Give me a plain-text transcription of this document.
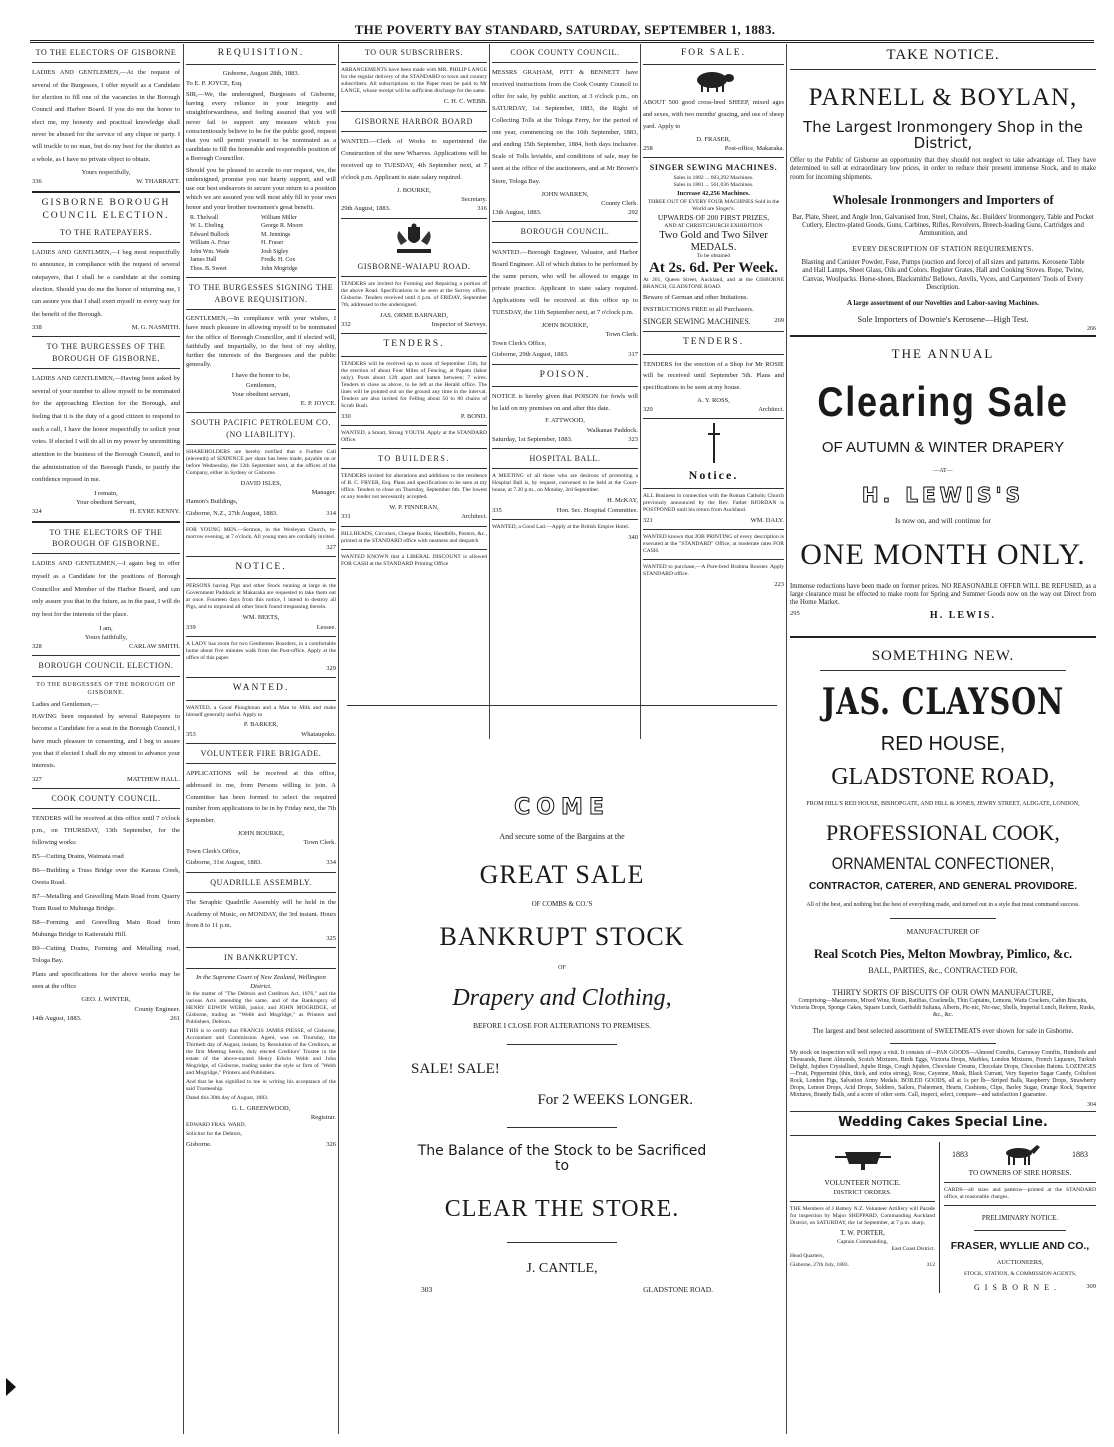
THE POVERTY BAY STANDARD, SATURDAY, SEPTEMBER 1, 1883.
TO THE ELECTORS OF GISBORNE

LADIES AND GENTLEMEN,—At the request of several of the Burgesses, I offer myself as a Candidate for election to fill one of the vacancies in the Borough Council and Harbor Board. If you do me the honor to elect me, my honesty and practical knowledge shall never be abused for the service of any clique or party. I will truckle to no man, but do my best for the district as a whole, as I have no private object to obtain.

Yours respectfully,

336	W. THARRATT.
GISBORNE BOROUGH COUNCIL ELECTION.
TO THE RATEPAYERS.

LADIES AND GENTLMEN,—I beg most respectfully to announce, in compliance with the request of several ratepayers, that I shall be a candidate at the coming election. Should you do me the honor of returning me, I can assure you that I shall exert myself in every way for the benefit of the Borough.

338	M. G. NASMITH.
TO THE BURGESSES OF THE BOROUGH OF GISBORNE.

LADIES AND GENTLEMEN,—Having been asked by several of your number to allow myself to be nominated for the approaching Election for the Borough, and feeling that it is the duty of a good citizen to respond to such a call, I have the honor respectfully to solicit your votes. If elected I will do all in my power by unremitting attention to the business of the Borough Council, and to the administration of the Borough Funds, to justify the confidence reposed in me.

I remain,

Your obedient Servant,

324	H. EYRE KENNY.
TO THE ELECTORS OF THE BOROUGH OF GISBORNE.

LADIES AND GENTLEMEN,—I again beg to offer myself as a Candidate for the positions of Borough Councillor and Member of the Harbor Board, and can only assure you that in the future, as in the past, I will do my best for the interests of the place.

I am,

Yours faithfully,

328	CARLAW SMITH.
BOROUGH COUNCIL ELECTION.
TO THE BURGESSES OF THE BOROUGH OF GISBORNE.

Ladies and Gentlemen,—

HAVING been requested by several Ratepayers to become a Candidate for a seat in the Borough Council, I have much pleasure in consenting, and I beg to assure you that if elected I shall do my utmost to advance your interests.

327	MATTHEW HALL.
COOK COUNTY COUNCIL.

TENDERS will be received at this office until 7 o'clock p.m., on THURSDAY, 13th September, for the following works:

B5—Cutting Drains, Waimata road

B6—Building a Truss Bridge over the Karaua Creek, Oweta Road.

B7—Metalling and Gravelling Main Road from Quarry Tram Road to Muhunga Bridge.

B8—Forming and Gravelling Main Road from Muhunga Bridge to Kaiteratahi Hill.

B9—Cutting Drains, Forming and Metalling road, Tologa Bay.

Plans and specifications for the above works may be seen at the office

GEO. J. WINTER,

County Engineer.

14th August, 1883.	261
REQUISITION.

Gisborne, August 28th, 1883.

To E. P. JOYCE, Esq.

SIR,—We, the undersigned, Burgesses of Gisborne, having every reliance in your integrity and straightforwardness, and feeling assured that you will never fail to support any measure which you conscientiously believe to be for the public good, request that you will permit yourself to be nominated as a candidate to fill the honorable and responsible position of a Borough Councillor.

Should you be pleased to accede to our request, we, the undersigned, promise you our hearty support, and will use our best endeavors to secure your return to a position which we are assured you will most ably fill to your own honor and your brother townsmen's great benefit.

R. Thelwall	William Miller
W. L. Ebeling	George R. Moore
Edward Bullock	M. Jennings
William A. Friar	H. Fraser
John Wm. Wade	Josh Sigley
James Hall	Fredk. H. Cox
Thos. B. Sweet	John Mogridge
TO THE BURGESSES SIGNING THE ABOVE REQUISITION.

GENTLEMEN,—In compliance with your wishes, I have much pleasure in allowing myself to be nominated for the office of Borough Councillor, and if elected will, faithfully and impartially, to the best of my ability, further the interests of the Burgesses and the public generally.

I have the honor to be,

Gentlemen,

Your obedient servant,

E. P. JOYCE.

SOUTH PACIFIC PETROLEUM CO. (NO LIABILITY).

SHAREHOLDERS are hereby notified that a Further Call (eleventh) of SIXPENCE per share has been made, payable on or before Wednesday, the 12th September next, at the offices of the Company, either in Sydney or Gisborne.

DAVID ISLES,

Manager.

Hamon's Buildings,

Gisborne, N.Z., 27th August, 1883.	314

FOR YOUNG MEN.—Sermon, in the Wesleyan Church, to-morrow evening, at 7 o'clock. All young men are cordially invited.

327

NOTICE.

PERSONS having Pigs and other Stock running at large in the Government Paddock at Makaraka are requested to take them out at once. Fourteen days from this notice, I intend to destroy all Pigs, and to impound all other Stock found trespassing therein.

WM. BEETS,

339	Lessee.

A LADY has room for two Gentlemen Boarders, in a comfortable home about five minutes walk from the Post-office. Apply at the office of this paper.

329

WANTED.

WANTED, a Good Ploughman and a Man to Milk and make himself generally useful. Apply to

P. BARKER,

353	Whataupoko.
VOLUNTEER FIRE BRIGADE.

APPLICATIONS will be received at this office, addressed to me, from Persons willing to join. A Committee has been formed to select the required number from applications to be in by Friday next, the 7th September.

JOHN BOURKE,

Town Clerk.

Town Clerk's Office,

Gisborne, 31st August, 1883.	334
QUADRILLE ASSEMBLY.

The Seraphic Quadrille Assembly will be held in the Academy of Music, on MONDAY, the 3rd instant. Hours from 8 to 11 p.m.

325

IN BANKRUPTCY.

In the Supreme Court of New Zealand, Wellington District.

In the matter of "The Debtors and Creditors Act, 1876," and the various Acts amending the same, and of the Bankruptcy of HENRY EDWIN WEBB, junior, and JOHN MOGRIDGE, of Gisborne, trading as "Webb and Mogridge," as Printers and Publishers, Debtors.

THIS is to certify that FRANCIS JAMES PIESSE, of Gisborne, Accountant and Commission Agent, was on Thursday, the Thirtieth day of August, instant, by Resolution of the Creditors, at the first Meeting herein, duly elected Creditors' Trustee in the estate of the above-named Henry Edwin Webb and John Mogridge, of Gisborne, trading under the style or firm of "Webb and Mogridge," Printers and Publishers.

And that he has signified to me in writing his acceptance of the said Trusteeship.

Dated this 30th day of August, 1883.

G. L. GREENWOOD,

Registrar.

EDWARD FRAS. WARD,

Solicitor for the Debtors,

Gisborne.	326
TO OUR SUBSCRIBERS.

ARRANGEMENTS have been made with MR. PHILIP LANGE for the regular delivery of the STANDARD to town and country subscribers. All subscriptions to the Paper must be paid to Mr LANGE, whose receipt will be sufficient discharge for the same.

C. H. C. WEBB.

GISBORNE HARBOR BOARD

WANTED.—Clerk of Works to superintend the Construction of the new Wharves. Applications will be received up to TUESDAY, 4th September next, at 7 o'clock p.m. Applicant to state salary required.

J. BOURKE,

Secretary.

29th August, 1883.	316
GISBORNE-WAIAPU ROAD.

TENDERS are invited for Forming and Repairing a portion of the above Road. Specifications to be seen at the Survey office, Gisborne. Tenders received until 4 p.m. of FRIDAY, September 7th, addressed to the undersigned.

JAS. ORME BARNARD,

332	Inspector of Surveys.
TENDERS.

TENDERS will be received up to noon of September 15th, for the erection of about Four Miles of Fencing, at Papatu (labor only). Posts about 12ft apart and batten between; 7 wires. Tenders to close as above, to be left at the Herald office. The lines will be pointed out on the ground any time in the interval. Tenders are also invited for Felling about 50 to 80 chains of Scrub Bush.

330	P. BOND.

WANTED, a Smart, Strong YOUTH. Apply at the STANDARD Office.

TO BUILDERS.

TENDERS invited for alterations and additions to the residence of B. C. FRYER, Esq. Plans and specifications to be seen at my office. Tenders to close on Thursday, September 6th. The lowest or any tender not necessarily accepted.

W. P. FINNERAN,

331	Architect.

BILLHEADS, Circulars, Cheque Books, Handbills, Posters, &c., printed at the STANDARD office with neatness and despatch

WANTED KNOWN that a LIBERAL DISCOUNT is allowed FOR CASH at the STANDARD Printing Office

COOK COUNTY COUNCIL.

MESSRS GRAHAM, PITT & BENNETT have received instructions from the Cook County Council to offer for sale, by public auction, at 3 o'clock p.m., on SATURDAY, 1st September, 1883, the Right of Collecting Tolls at the Tologa Ferry, for the period of one year, commencing on the 16th September, 1883, and ending 15th September, 1884, both days inclusive. Scale of Tolls leviable, and conditions of sale, may be seen at the office of the auctioneers, and at Mr Brown's Store, Tologa Bay.

JOHN WARREN,

County Clerk.

13th August, 1883.	292
BOROUGH COUNCIL.

WANTED.—Borough Engineer, Valuator, and Harbor Board Engineer. All of which duties to be performed by the same person, who will be allowed to engage in private practice. Applicant to state salary required. Applications will be received at this office up to TUESDAY, the 11th September next, at 7 o'clock p.m.

JOHN BOURKE,

Town Clerk.

Town Clerk's Office,

Gisborne, 29th August, 1883.	317
POISON.

NOTICE is hereby given that POISON for fowls will be laid on my premises on and after this date.

F. ATTWOOD,

Walkanae Paddock.

Saturday, 1st September, 1883.	323
HOSPITAL BALL.

A MEETING of all those who are desirous of promoting a Hospital Ball is, by request, convened to be held at the Court-house, at 7.30 p.m., on Monday, 3rd September.

H. McKAY,

335	Hon. Sec. Hospital Committee.

WANTED, a Good Lad.—Apply at the British Empire Hotel.

340

FOR SALE.

ABOUT 500 good cross-bred SHEEP, mixed ages and sexes, with two months' grazing, and use of sheep yard. Apply to

D. FRASER,

258	Post-office, Makaraka.
SINGER SEWING MACHINES.

Sales in 1882 ... 603,292 Machines.

Sales in 1881 ... 561,036 Machines.

Increase 42,256 Machines.

THREE OUT OF EVERY FOUR MACHINES Sold in the World are Singer's.

UPWARDS OF 200 FIRST PRIZES,

AND AT CHRISTCHURCH EXHIBITION

Two Gold and Two Silver MEDALS.

To be obtained

At 2s. 6d. Per Week.

At 261, Queen Street, Auckland, and at the GISBORNE BRANCH, GLADSTONE ROAD.

Beware of German and other Imitations.

INSTRUCTIONS FREE to all Purchasers.

SINGER SEWING MACHINES.	269
TENDERS.

TENDERS for the erection of a Shop for Mr ROSIE will be received until September 5th. Plans and specifications to be seen at my house.

A. Y. ROSS,

320	Architect.
Notice.

ALL Business in connection with the Roman Catholic Church previously announced by the Rev. Father RIORDAN is POSTPONED until his return from Auckland.

321	WM. DALY.

WANTED known that JOB PRINTING of every description is executed at the "STANDARD" Office, at moderate rates FOR CASH.

WANTED to purchase,—A Pure-bred Brahma Rooster. Apply STANDARD office.

223

COME

And secure some of the Bargains at the

GREAT SALE

OF COMBS & CO.'S

BANKRUPT STOCK

OF

Drapery and Clothing,

BEFORE I CLOSE FOR ALTERATIONS TO PREMISES.

SALE! SALE!
For 2 WEEKS LONGER.
The Balance of the Stock to be Sacrificed to
CLEAR THE STORE.
J. CANTLE,
303	GLADSTONE ROAD.
TAKE NOTICE.
PARNELL & BOYLAN,
The Largest Ironmongery Shop in the District,

Offer to the Public of Gisborne an opportunity that they should not neglect to take advantage of. They have determined to sell at extraordinary low prices, in order to reduce their present immense Stock, and to make room for incoming shipments.

Wholesale Ironmongers and Importers of

Bar, Plate, Sheet, and Angle Iron, Galvanised Iron, Steel, Chains, &c. Builders' Ironmongery, Table and Pocket Cutlery, Electro-plated Goods, Guns, Carbines, Rifles, Revolvers, Breech-loading Guns, Cartridges and Ammunition, and

EVERY DESCRIPTION OF STATION REQUIREMENTS.

Blasting and Canister Powder, Fuse, Pumps (suction and force) of all sizes and patterns. Kerosene Table and Hall Lamps, Sheet Glass, Oils and Colors. Register Grates, Hall and Cooking Stoves. Rope, Twine, Canvas, Woolpacks. Horse-shoes, Blacksmiths' Bellows, Anvils, Vyces, and Carpenters' Tools of Every Description.

A large assortment of our Novelties and Labor-saving Machines.

Sole Importers of Downie's Kerosene—High Test.

266

THE ANNUAL
Clearing Sale
OF AUTUMN & WINTER DRAPERY

—AT—

H. LEWIS'S

Is now on, and will continue for

ONE MONTH ONLY.

Immense reductions have been made on former prices. NO REASONABLE OFFER WILL BE REFUSED, as a large clearance must be effected to make room for Spring and Summer Goods now on the way out Direct from the Home Market.

295	H. LEWIS.
SOMETHING NEW.
JAS. CLAYSON
RED HOUSE,
GLADSTONE ROAD,

FROM HILL'S RED HOUSE, BISHOPGATE, AND HILL & JONES, JEWRY STREET, ALDGATE, LONDON,

PROFESSIONAL COOK,
ORNAMENTAL CONFECTIONER,
CONTRACTOR, CATERER, AND GENERAL PROVIDORE.

All of the best, and nothing but the best of everything made, and turned out in a style that must command success.

MANUFACTURER OF

Real Scotch Pies, Melton Mowbray, Pimlico, &c.

BALL, PARTIES, &c., CONTRACTED FOR.

THIRTY SORTS OF BISCUITS OF OUR OWN MANUFACTURE,

Comprising—Macaroons, Mixed Wine, Routs, Ratifias, Cracknells, Thin Captains, Lemons, Watts Crackers, Cabin Biscuits, Victoria Drops, Sponge Cakes, Square Lunch, Garibaldi Sultana, Alberts, Pic-nic, Nic-nac, Shells, Imperial Lunch, Reform, Rusks, &c., &c.

The largest and best selected assortment of SWEETMEATS ever shown for sale in Gisborne.

My stock on inspection will well repay a visit. It consists of—PAN GOODS—Almond Comfits, Carraway Comfits, Hundreds and Thousands, Burnt Almonds, Scotch Mixtures, Birds Eggs, Victoria Drops, Marbles, London Mixtures, French Liqueurs, Turkish Delight, Jujubes Crystallised, Jujube Rings, Cough Jujubes, Chocolate Creams, Chocolate Drops, Chocolate Batons. LOZENGES—Fruit, Peppermint (thin, thick, and extra strong), Rose, Cayenne, Musk, Black Currant, Very Superior Sugar Candy, Coltsfoot Rock, London Figs, Salvation Army Medals. BOILED GOODS, all at 1s per lb—Striped Balls, Raspberry Drops, Strawberry Drops, Lemon Drops, Acid Drops, Soldiers, Sailors, Fishermen, Hearts, Cushions, Clips, Barley Sugar, Orange Rock, Superior Mixtures, Brandy Balls, and a score of other sorts. Call, inspect, select, compare—and satisfaction I guarantee.

304

Wedding Cakes Special Line.

VOLUNTEER NOTICE.

DISTRICT ORDERS.

THE Members of J Battery N.Z. Volunteer Artillery will Parade for inspection by Major SHEPPARD, Commanding Auckland District, on SATURDAY, the 1st September, at 7 p.m. sharp.

T. W. PORTER,

Captain Commanding,

East Coast District.

Head Quarters,

Gisborne, 27th July, 1883.	312
1883	1883

TO OWNERS OF SIRE HORSES.

CARDS—all sizes and patterns—printed at the STANDARD office, at reasonable charges.

PRELIMINARY NOTICE.

FRASER, WYLLIE AND CO.,

AUCTIONEERS,

STOCK, STATION, & COMMISSION AGENTS,

GISBORNE.	309
